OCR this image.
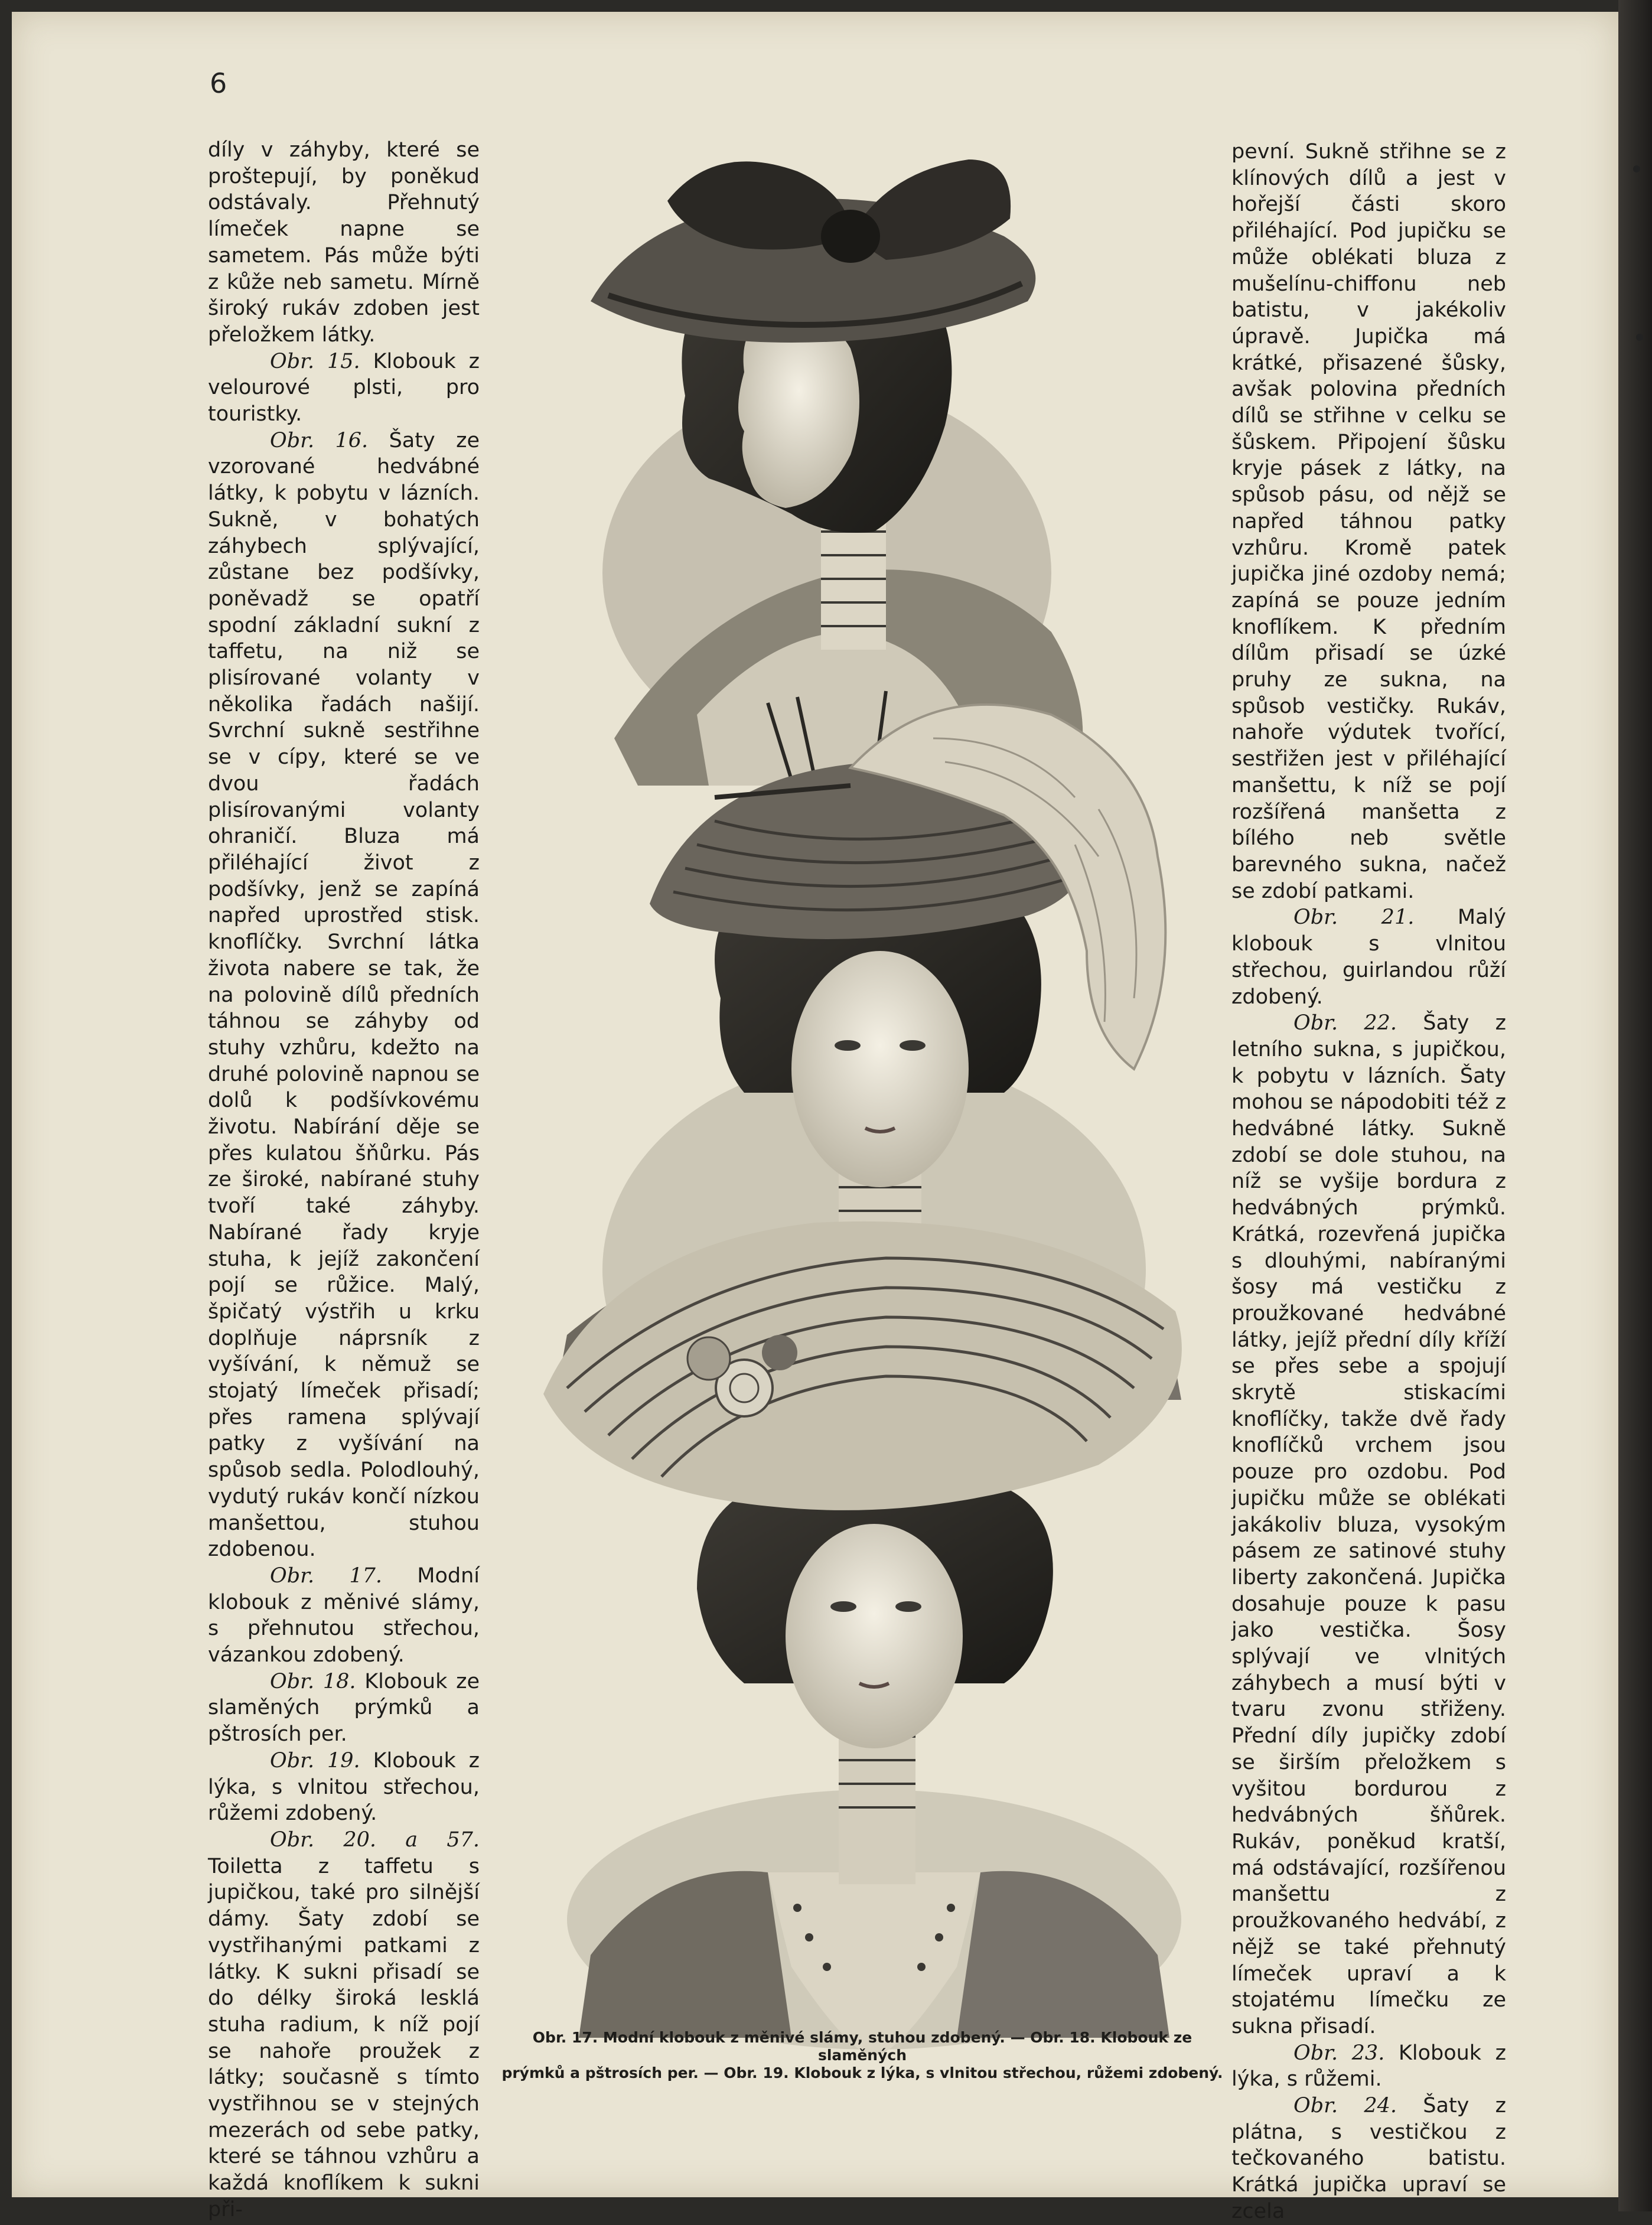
6

díly v záhyby, které se proštepují, by poněkud odstávaly. Přehnutý límeček napne se sametem. Pás může býti z kůže neb sametu. Mírně široký rukáv zdoben jest přeložkem látky.

Obr. 15. Klobouk z velourové plsti, pro touristky.

Obr. 16. Šaty ze vzorované hedvábné látky, k pobytu v lázních. Sukně, v bohatých záhybech splývající, zůstane bez podšívky, poněvadž se opatří spodní základní sukní z taffetu, na niž se plisírované volanty v několika řadách našijí. Svrchní sukně sestřihne se v cípy, které se ve dvou řadách plisírovanými volanty ohraničí. Bluza má přiléhající život z podšívky, jenž se zapíná napřed uprostřed stisk. knoflíčky. Svrchní látka života nabere se tak, že na polovině dílů předních táhnou se záhyby od stuhy vzhůru, kdežto na druhé polovině napnou se dolů k podšívkovému životu. Nabírání děje se přes kulatou šňůrku. Pás ze široké, nabírané stuhy tvoří také záhyby. Nabírané řady kryje stuha, k jejíž zakončení pojí se růžice. Malý, špičatý výstřih u krku doplňuje náprsník z vyšívání, k němuž se stojatý límeček přisadí; přes ramena splývají patky z vyšívání na spůsob sedla. Polodlouhý, vydutý rukáv končí nízkou manšettou, stuhou zdobenou.

Obr. 17. Modní klobouk z měnivé slámy, s přehnutou střechou, vázankou zdobený.

Obr. 18. Klobouk ze slaměných prýmků a pštrosích per.

Obr. 19. Klobouk z lýka, s vlnitou střechou, růžemi zdobený.

Obr. 20. a 57. Toiletta z taffetu s jupičkou, také pro silnější dámy. Šaty zdobí se vystřihanými patkami z látky. K sukni přisadí se do délky široká lesklá stuha radium, k níž pojí se nahoře proužek z látky; současně s tímto vystřihnou se v stejných mezerách od sebe patky, které se táhnou vzhůru a každá knoflíkem k sukni při-

pevní. Sukně střihne se z klínových dílů a jest v hořejší části skoro přiléhající. Pod jupičku se může oblékati bluza z mušelínu-chiffonu neb batistu, v jakékoliv úpravě. Jupička má krátké, přisazené šůsky, avšak polovina předních dílů se střihne v celku se šůskem. Připojení šůsku kryje pásek z látky, na spůsob pásu, od nějž se napřed táhnou patky vzhůru. Kromě patek jupička jiné ozdoby nemá; zapíná se pouze jedním knoflíkem. K předním dílům přisadí se úzké pruhy ze sukna, na spůsob vestičky. Rukáv, nahoře výdutek tvořící, sestřižen jest v přiléhající manšettu, k níž se pojí rozšířená manšetta z bílého neb světle barevného sukna, načež se zdobí patkami.

Obr. 21. Malý klobouk s vlnitou střechou, guirlandou růží zdobený.

Obr. 22. Šaty z letního sukna, s jupičkou, k pobytu v lázních. Šaty mohou se nápodobiti též z hedvábné látky. Sukně zdobí se dole stuhou, na níž se vyšije bordura z hedvábných prýmků. Krátká, rozevřená jupička s dlouhými, nabíranými šosy má vestičku z proužkované hedvábné látky, jejíž přední díly kříží se přes sebe a spojují skrytě stiskacími knoflíčky, takže dvě řady knoflíčků vrchem jsou pouze pro ozdobu. Pod jupičku může se oblékati jakákoliv bluza, vysokým pásem ze satinové stuhy liberty zakončená. Jupička dosahuje pouze k pasu jako vestička. Šosy splývají ve vlnitých záhybech a musí býti v tvaru zvonu střiženy. Přední díly jupičky zdobí se širším přeložkem s vyšitou bordurou z hedvábných šňůrek. Rukáv, poněkud kratší, má odstávající, rozšířenou manšettu z proužkovaného hedvábí, z nějž se také přehnutý límeček upraví a k stojatému límečku ze sukna přisadí.

Obr. 23. Klobouk z lýka, s růžemi.

Obr. 24. Šaty z plátna, s vestičkou z tečkovaného batistu. Krátká jupička upraví se zcela

Obr. 17. Modní klobouk z měnivé slámy, stuhou zdobený. — Obr. 18. Klobouk ze slaměných
prýmků a pštrosích per. — Obr. 19. Klobouk z lýka, s vlnitou střechou, růžemi zdobený.
